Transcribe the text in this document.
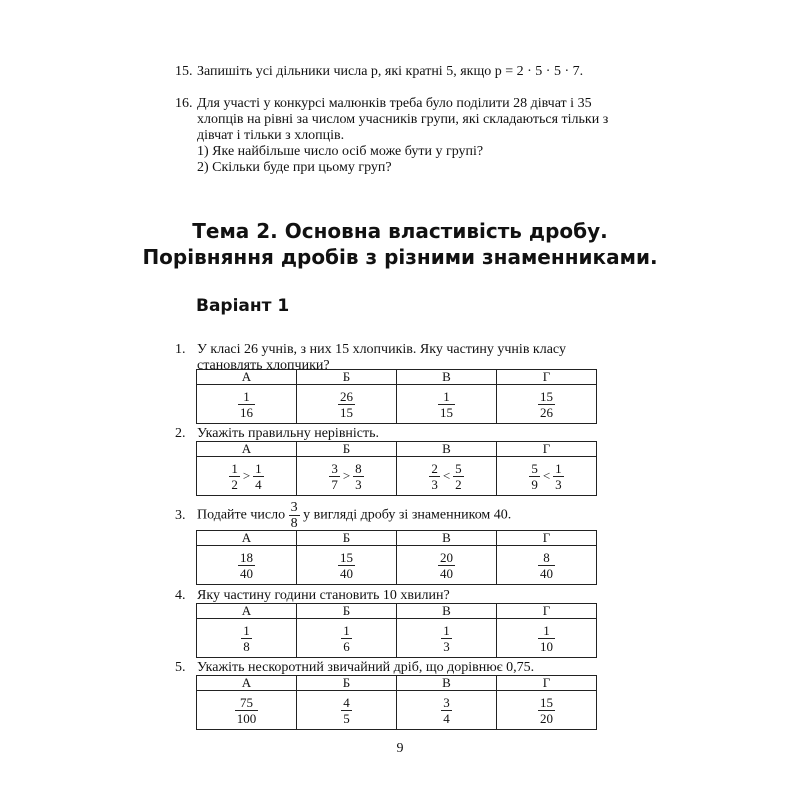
15. Запишіть усі дільники числа p, які кратні 5, якщо p = 2 · 5 · 5 · 7.
16. Для участі у конкурсі малюнків треба було поділити 28 дівчат і 35 хлопців на рівні за числом учасників групи, які складаються тільки з дівчат і тільки з хлопців.
1) Яке найбільше число осіб може бути у групі?
2) Скільки буде при цьому груп?
Тема 2. Основна властивість дробу.
Порівняння дробів з різними знаменниками.
Варіант 1
1. У класі 26 учнів, з них 15 хлопчиків. Яку частину учнів класу становлять хлопчики?
А	Б	В	Г

$\frac{1}{16}$	$\frac{26}{15}$	$\frac{1}{15}$	$\frac{15}{26}$
2. Укажіть правильну нерівність.
А	Б	В	Г

$\frac{1}{2} > \frac{1}{4}$	$\frac{3}{7} > \frac{8}{3}$	$\frac{2}{3} < \frac{5}{2}$	$\frac{5}{9} < \frac{1}{3}$
3. Подайте число $\frac{3}{8}$ у вигляді дробу зі знаменником 40.
А	Б	В	Г

$\frac{18}{40}$	$\frac{15}{40}$	$\frac{20}{40}$	$\frac{8}{40}$
4. Яку частину години становить 10 хвилин?
А	Б	В	Г

$\frac{1}{8}$	$\frac{1}{6}$	$\frac{1}{3}$	$\frac{1}{10}$
5. Укажіть нескоротний звичайний дріб, що дорівнює 0,75.
А	Б	В	Г

$\frac{75}{100}$	$\frac{4}{5}$	$\frac{3}{4}$	$\frac{15}{20}$
9
